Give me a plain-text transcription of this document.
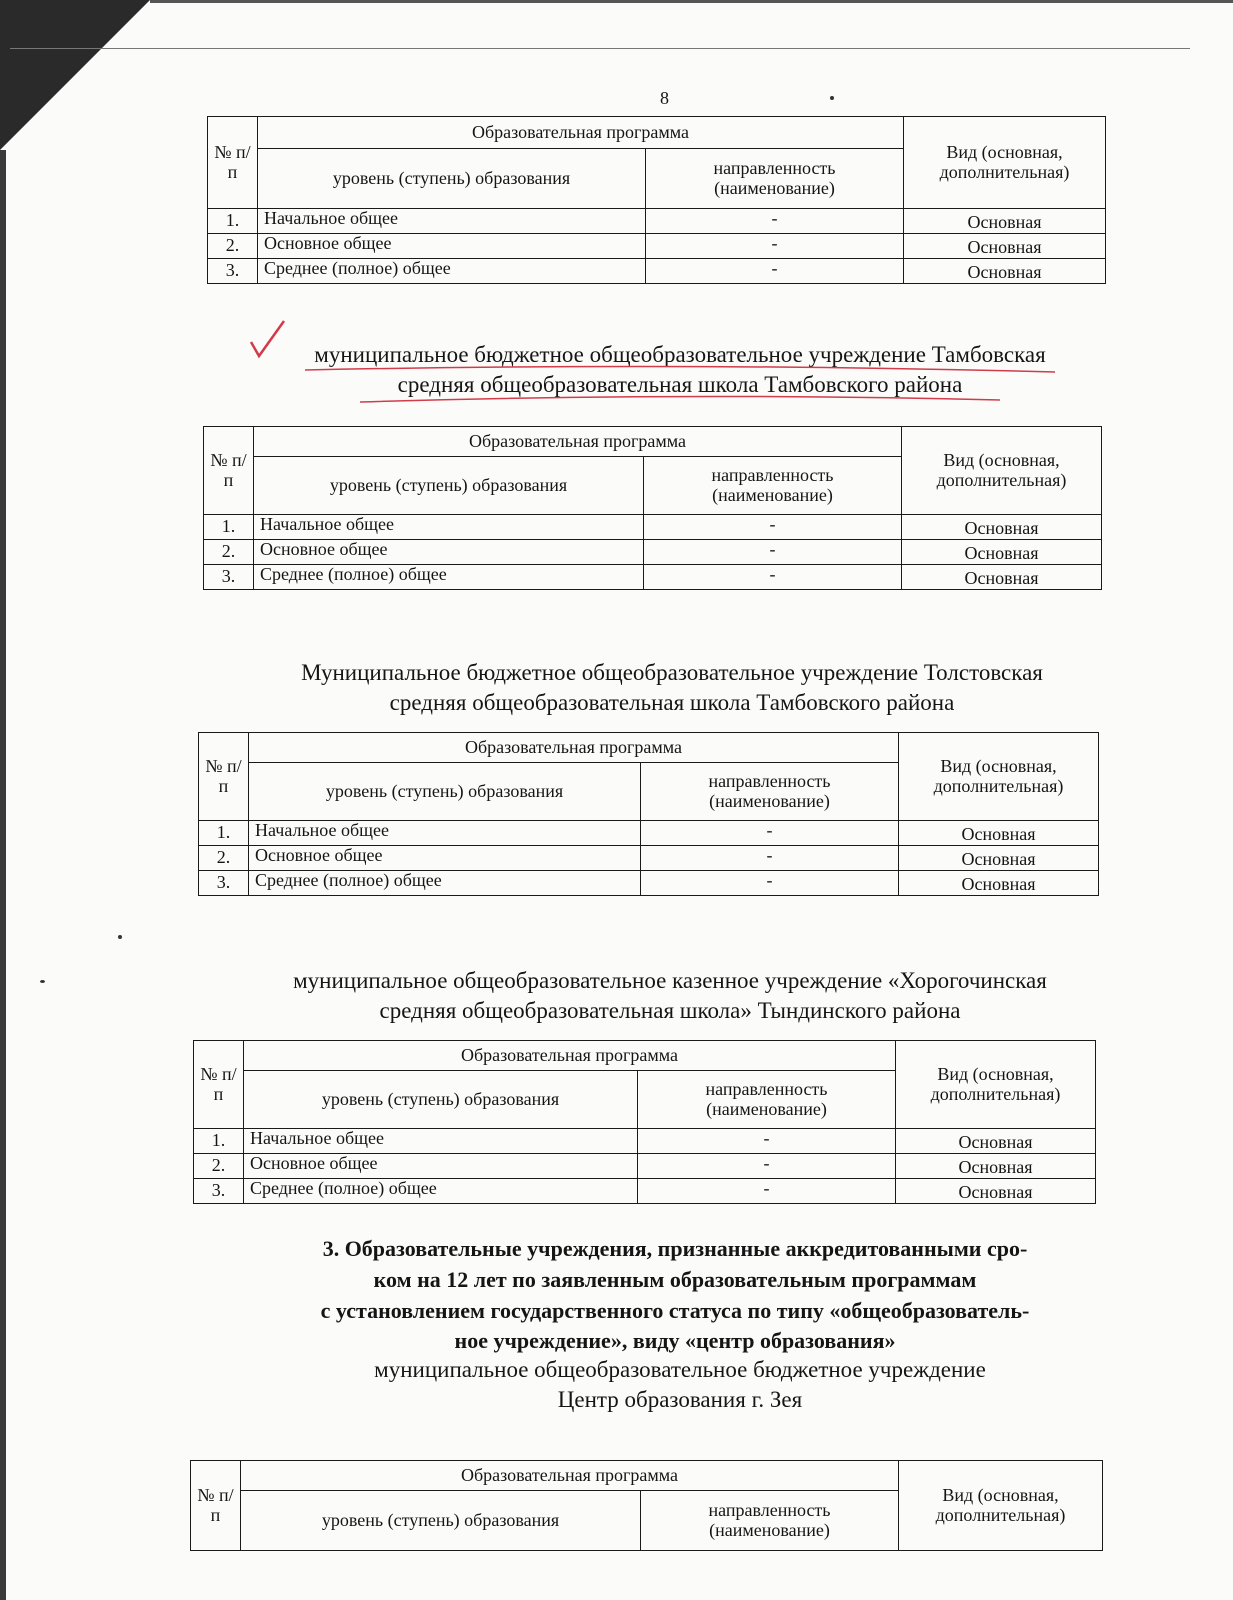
8
№ п/п	Образовательная программа		Вид (основная, дополнительная)
	уровень (ступень) образования	направленность (наименование)	
1.	Начальное общее	-	Основная
2.	Основное общее	-	Основная
3.	Среднее (полное) общее	-	Основная
муниципальное бюджетное общеобразовательное учреждение Тамбовская
средняя общеобразовательная школа Тамбовского района
№ п/п	Образовательная программа		Вид (основная, дополнительная)
	уровень (ступень) образования	направленность (наименование)	
1.	Начальное общее	-	Основная
2.	Основное общее	-	Основная
3.	Среднее (полное) общее	-	Основная
Муниципальное бюджетное общеобразовательное учреждение Толстовская
средняя общеобразовательная школа Тамбовского района
№ п/п	Образовательная программа		Вид (основная, дополнительная)
	уровень (ступень) образования	направленность (наименование)	
1.	Начальное общее	-	Основная
2.	Основное общее	-	Основная
3.	Среднее (полное) общее	-	Основная
муниципальное общеобразовательное казенное учреждение «Хорогочинская
средняя общеобразовательная школа» Тындинского района
№ п/п	Образовательная программа		Вид (основная, дополнительная)
	уровень (ступень) образования	направленность (наименование)	
1.	Начальное общее	-	Основная
2.	Основное общее	-	Основная
3.	Среднее (полное) общее	-	Основная
3. Образовательные учреждения, признанные аккредитованными сро-
ком на 12 лет по заявленным образовательным программам
с установлением государственного статуса по типу «общеобразователь-
ное учреждение», виду «центр образования»
муниципальное общеобразовательное бюджетное учреждение
Центр образования г. Зея
№ п/п	Образовательная программа		Вид (основная, дополнительная)
	уровень (ступень) образования	направленность (наименование)	
